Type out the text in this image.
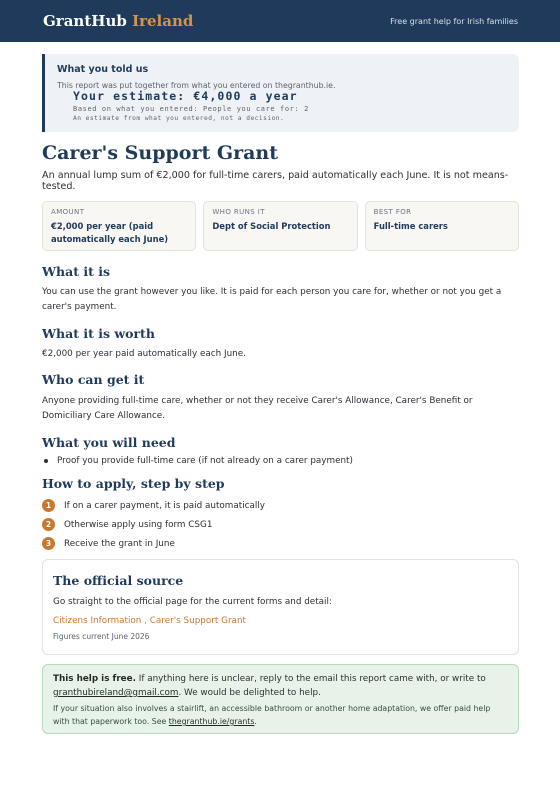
GrantHub Ireland	Free grant help for Irish families
What you told us
This report was put together from what you entered on thegranthub.ie.
Your estimate: €4,000 a year
Based on what you entered: People you care for: 2
An estimate from what you entered, not a decision.
Carer's Support Grant
An annual lump sum of €2,000 for full-time carers, paid automatically each June. It is not means-tested.
AMOUNT
€2,000 per year (paid automatically each June)
WHO RUNS IT
Dept of Social Protection
BEST FOR
Full-time carers
What it is
You can use the grant however you like. It is paid for each person you care for, whether or not you get a carer's payment.
What it is worth
€2,000 per year paid automatically each June.
Who can get it
Anyone providing full-time care, whether or not they receive Carer's Allowance, Carer's Benefit or Domiciliary Care Allowance.
What you will need
Proof you provide full-time care (if not already on a carer payment)
How to apply, step by step
1	If on a carer payment, it is paid automatically
2	Otherwise apply using form CSG1
3	Receive the grant in June
The official source
Go straight to the official page for the current forms and detail:
Citizens Information , Carer's Support Grant
Figures current June 2026
This help is free. If anything here is unclear, reply to the email this report came with, or write to granthubireland@gmail.com. We would be delighted to help.
If your situation also involves a stairlift, an accessible bathroom or another home adaptation, we offer paid help with that paperwork too. See thegranthub.ie/grants.
